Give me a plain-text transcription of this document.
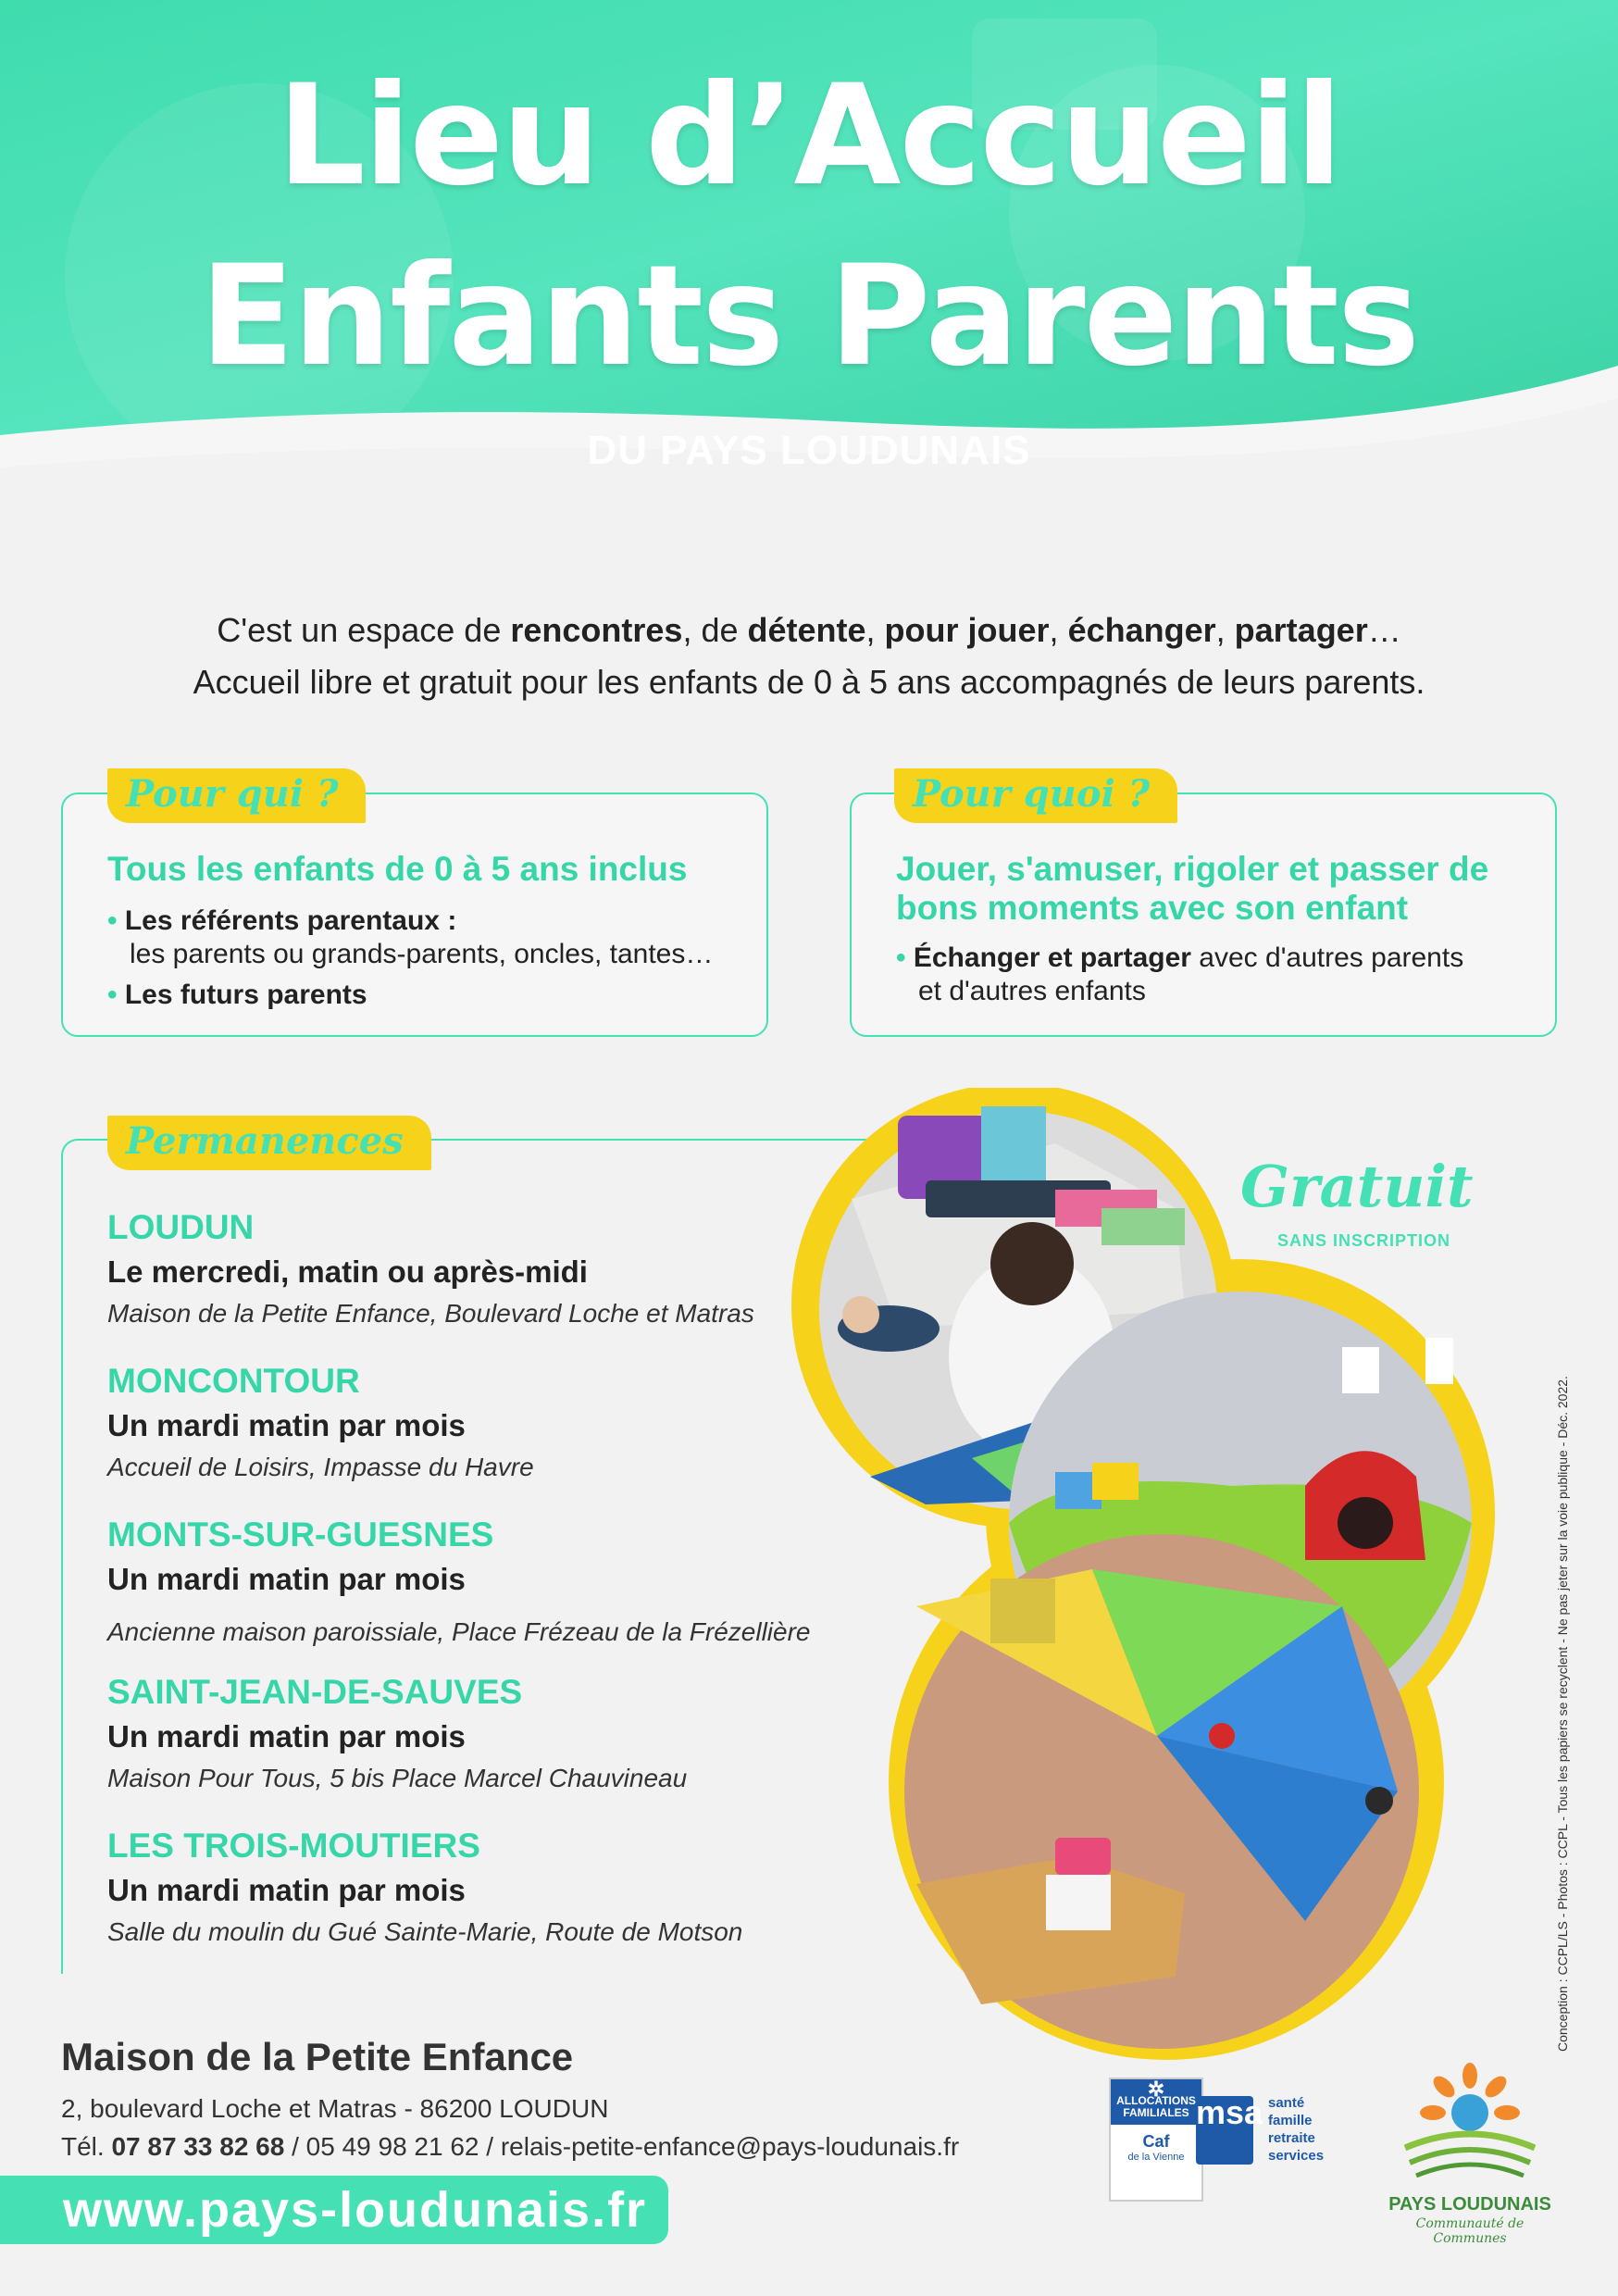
Lieu d’Accueil
Enfants Parents
DU PAYS LOUDUNAIS
C'est un espace de rencontres, de détente, pour jouer, échanger, partager…
Accueil libre et gratuit pour les enfants de 0 à 5 ans accompagnés de leurs parents.
Tous les enfants de 0 à 5 ans inclus
• Les référents parentaux :
les parents ou grands-parents, oncles, tantes…
• Les futurs parents
Pour qui ?
Jouer, s'amuser, rigoler et passer de
bons moments avec son enfant
• Échanger et partager avec d'autres parents
et d'autres enfants
Pour quoi ?
Permanences
LOUDUN
Le mercredi, matin ou après-midi
Maison de la Petite Enfance, Boulevard Loche et Matras
MONCONTOUR
Un mardi matin par mois
Accueil de Loisirs, Impasse du Havre
MONTS-SUR-GUESNES
Un mardi matin par mois
Ancienne maison paroissiale, Place Frézeau de la Frézellière
SAINT-JEAN-DE-SAUVES
Un mardi matin par mois
Maison Pour Tous, 5 bis Place Marcel Chauvineau
LES TROIS-MOUTIERS
Un mardi matin par mois
Salle du moulin du Gué Sainte-Marie, Route de Motson
Gratuit
SANS INSCRIPTION
Maison de la Petite Enfance
2, boulevard Loche et Matras - 86200 LOUDUN
Tél. 07 87 33 82 68 / 05 49 98 21 62 / relais-petite-enfance@pays-loudunais.fr
www.pays-loudunais.fr
Conception : CCPL/LS - Photos : CCPL - Tous les papiers se recyclent - Ne pas jeter sur la voie publique - Déc. 2022.
✲
ALLOCATIONS
FAMILIALES
Caf
de la Vienne
msa santé
famille
retraite
services
PAYS LOUDUNAIS
Communauté de Communes
